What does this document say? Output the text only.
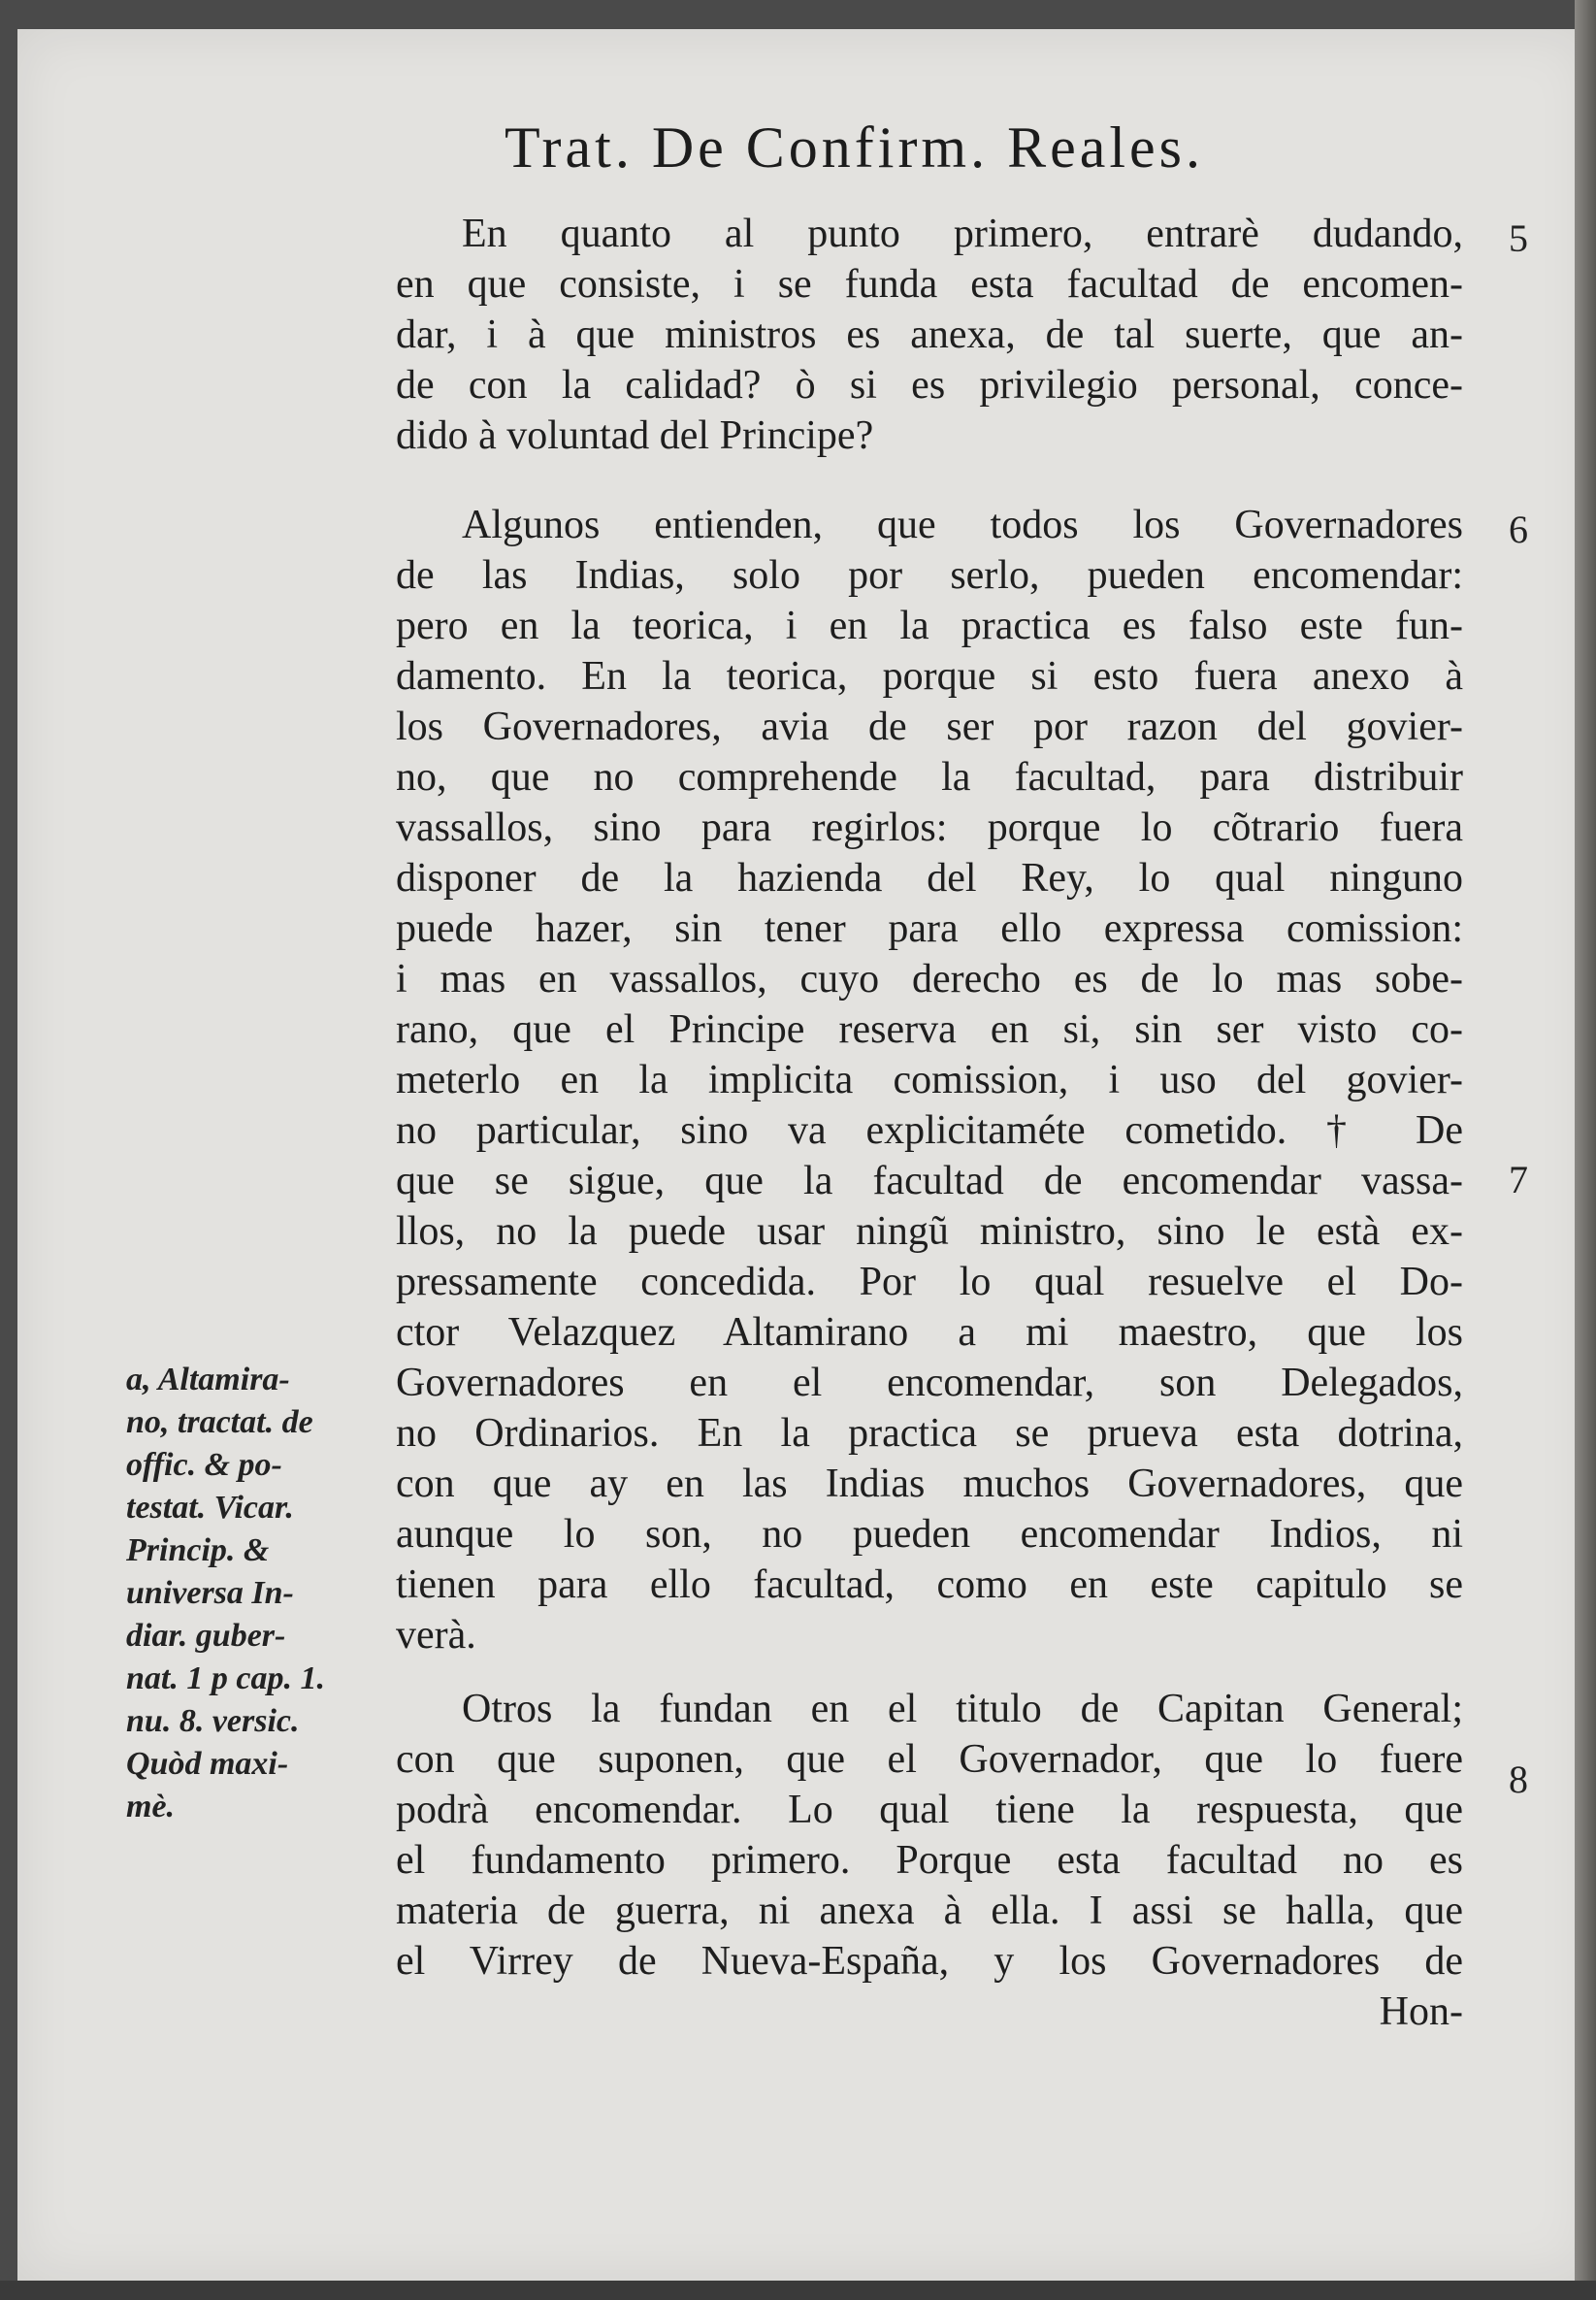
Trat. De Confirm. Reales.
En quanto al punto primero, entrarè dudando,
en que consiste, i se funda esta facultad de encomen-
dar, i à que ministros es anexa, de tal suerte, que an-
de con la calidad? ò si es privilegio personal, conce-
dido à voluntad del Principe?
Algunos entienden, que todos los Governadores
de las Indias, solo por serlo, pueden encomendar:
pero en la teorica, i en la practica es falso este fun-
damento. En la teorica, porque si esto fuera anexo à
los Governadores, avia de ser por razon del govier-
no, que no comprehende la facultad, para distribuir
vassallos, sino para regirlos: porque lo cõtrario fuera
disponer de la hazienda del Rey, lo qual ninguno
puede hazer, sin tener para ello expressa comission:
i mas en vassallos, cuyo derecho es de lo mas sobe-
rano, que el Principe reserva en si, sin ser visto co-
meterlo en la implicita comission, i uso del govier-
no particular, sino va explicitaméte cometido. † De
que se sigue, que la facultad de encomendar vassa-
llos, no la puede usar ningũ ministro, sino le està ex-
pressamente concedida. Por lo qual resuelve el Do-
ctor Velazquez Altamirano a mi maestro, que los
Governadores en el encomendar, son Delegados,
no Ordinarios. En la practica se prueva esta dotrina,
con que ay en las Indias muchos Governadores, que
aunque lo son, no pueden encomendar Indios, ni
tienen para ello facultad, como en este capitulo se
verà.
Otros la fundan en el titulo de Capitan General;
con que suponen, que el Governador, que lo fuere
podrà encomendar. Lo qual tiene la respuesta, que
el fundamento primero. Porque esta facultad no es
materia de guerra, ni anexa à ella. I assi se halla, que
el Virrey de Nueva-España, y los Governadores de
Hon-
5
6
7
8
a, Altamira-
no, tractat. de
offic. & po-
testat. Vicar.
Princip. &
universa In-
diar. guber-
nat. 1 p cap. 1.
nu. 8. versic.
Quòd maxi-
mè.
